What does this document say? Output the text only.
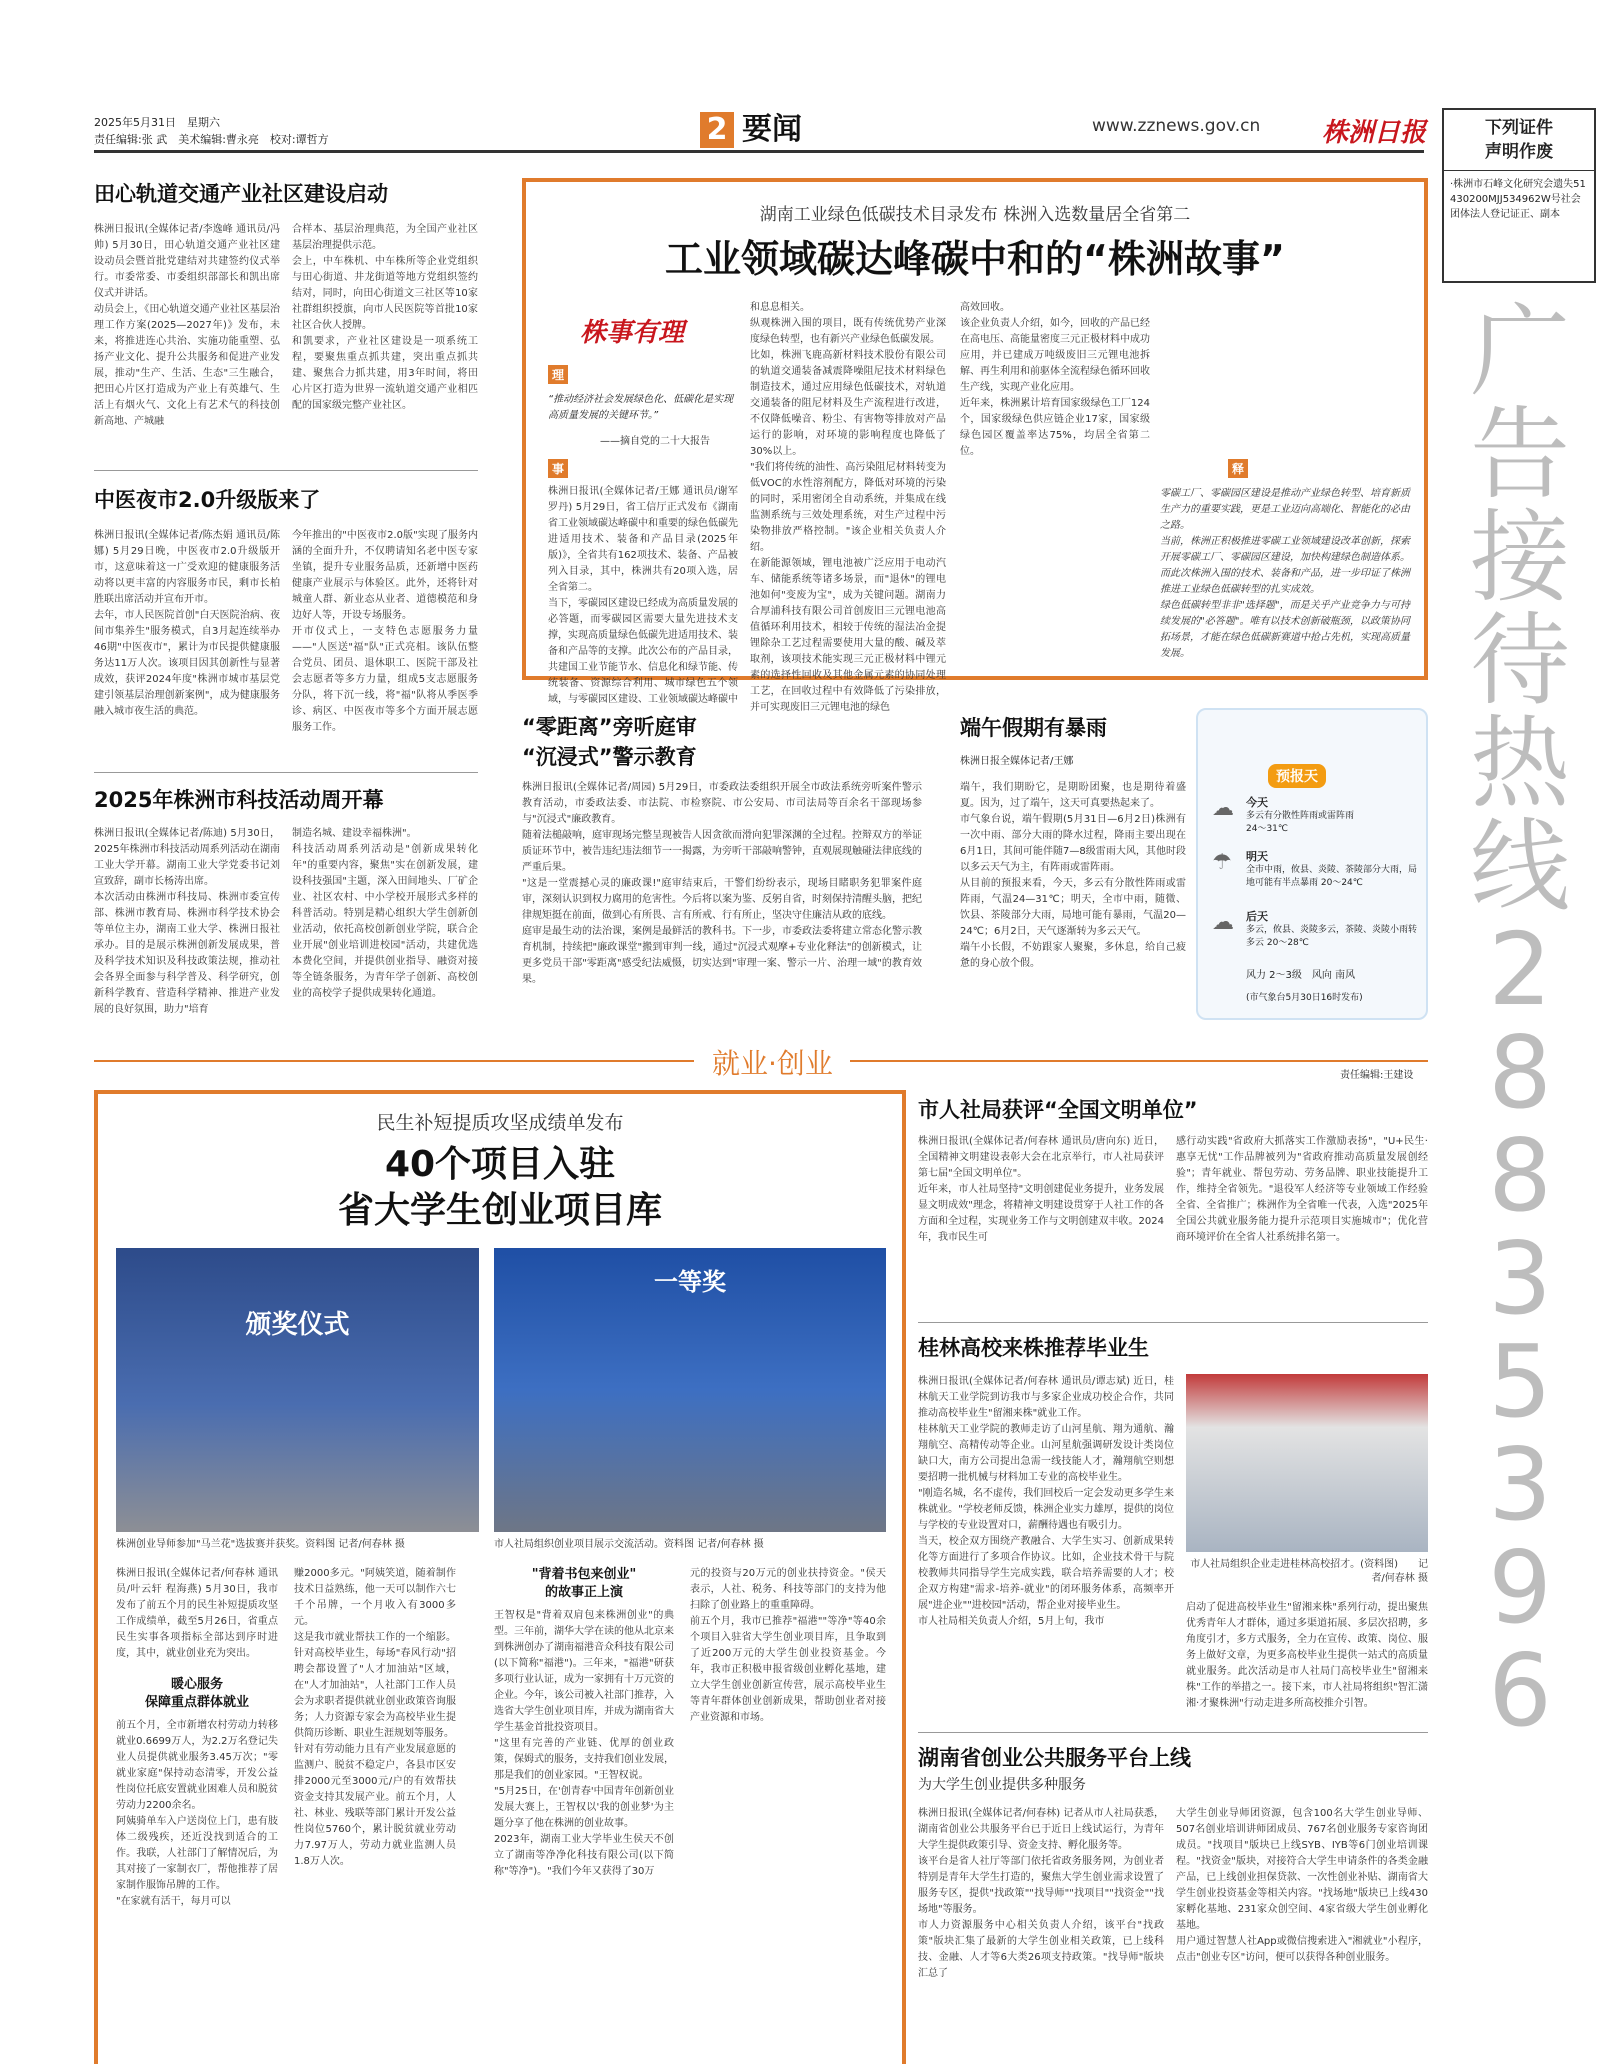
2025年5月31日　星期六
责任编辑:张 武　美术编辑:曹永亮　校对:谭哲方	2 要闻	www.zznews.gov.cn 株洲日报	下列证件
声明作废
·株洲市石峰文化研究会遗失51430200MJJ534962W号社会团体法人登记证正、副本
广告接待热线28835396
田心轨道交通产业社区建设启动
株洲日报讯(全媒体记者/李逸峰 通讯员/冯帅) 5月30日，田心轨道交通产业社区建设动员会暨首批党建结对共建签约仪式举行。市委常委、市委组织部部长和凯出席仪式并讲话。
动员会上，《田心轨道交通产业社区基层治理工作方案(2025—2027年)》发布，未来，将推进连心共治、实施功能重塑、弘扬产业文化、提升公共服务和促进产业发展，推动"生产、生活、生态"三生融合，把田心片区打造成为产业上有英雄气、生活上有烟火气、文化上有艺术气的科技创新高地、产城融
合样本、基层治理典范，为全国产业社区基层治理提供示范。
会上，中车株机、中车株所等企业党组织与田心街道、井龙街道等地方党组织签约结对，同时，向田心街道文三社区等10家社群组织授旗，向市人民医院等首批10家社区合伙人授牌。
和凯要求，产业社区建设是一项系统工程，要聚焦重点抓共建，突出重点抓共建、聚焦合力抓共建，用3年时间，将田心片区打造为世界一流轨道交通产业相匹配的国家级完整产业社区。
中医夜市2.0升级版来了
株洲日报讯(全媒体记者/陈杰娟 通讯员/陈娜) 5月29日晚，中医夜市2.0升级版开市，这意味着这一广受欢迎的健康服务活动将以更丰富的内容服务市民，剩市长柏胜联出席活动并宣布开市。
去年，市人民医院首创"白天医院治病、夜间市集养生"服务模式，自3月起连续举办46期"中医夜市"，累计为市民提供健康服务达11万人次。该项目因其创新性与显著成效，获评2024年度"株洲市城市基层党建引领基层治理创新案例"，成为健康服务融入城市夜生活的典范。
今年推出的"中医夜市2.0版"实现了服务内涵的全面升升，不仅聘请知名老中医专家坐镇，提升专业服务品质，还新增中医药健康产业展示与体验区。此外，还将针对城童人群、新业态从业者、道德模范和身边好人等，开设专场服务。
开市仪式上，一支特色志愿服务力量——"人医送"福"队"正式亮相。该队伍整合党员、团员、退休职工、医院干部及社会志愿者等多方力量，组成5支志愿服务分队，将下沉一线，将"福"队将从季医季诊、病区、中医夜市等多个方面开展志愿服务工作。
2025年株洲市科技活动周开幕
株洲日报讯(全媒体记者/陈迪) 5月30日，2025年株洲市科技活动周系列活动在湖南工业大学开幕。湖南工业大学党委书记刘宣致辞，副市长杨涛出席。
本次活动由株洲市科技局、株洲市委宣传部、株洲市教育局、株洲市科学技术协会等单位主办，湖南工业大学、株洲日报社承办。目的是展示株洲创新发展成果，普及科学技术知识及科技政策法规，推动社会各界全面参与科学普及、科学研究，创新科学教育、营造科学精神、推进产业发展的良好氛围，助力"培育
制造名城、建设幸福株洲"。
科技活动周系列活动是"创新成果转化年"的重要内容，聚焦"实在创新发展，建设科技强国"主题，深入田间地头、厂矿企业、社区农村、中小学校开展形式多样的科普活动。特别是精心组织大学生创新创业活动，依托高校创新创业学院，联合企业开展"创业培训进校园"活动，共建优选本费化空间，并提供创业指导、融资对接等全链条服务，为青年学子创新、高校创业的高校学子提供成果转化通道。
湖南工业绿色低碳技术目录发布 株洲入选数量居全省第二
工业领域碳达峰碳中和的“株洲故事”
株事有理
理
“推动经济社会发展绿色化、低碳化是实现高质量发展的关键环节。”
——摘自党的二十大报告
事
株洲日报讯(全媒体记者/王娜 通讯员/谢军罗丹) 5月29日，省工信厅正式发布《湖南省工业领域碳达峰碳中和重要的绿色低碳先进适用技术、装备和产品目录(2025年版)》，全省共有162项技术、装备、产品被列入目录，其中，株洲共有20项入选，居全省第二。
当下，零碳园区建设已经成为高质量发展的必答题，而零碳园区需要大量先进技术支撑，实现高质量绿色低碳先进适用技术、装备和产品等的支撑。此次公布的产品目录，共建国工业节能节水、信息化和绿节能、传统装备、资源综合利用、城市绿色五个领域，与零碳园区建设、工业领域碳达峰碳中
和息息相关。
纵观株洲入围的项目，既有传统优势产业深度绿色转型，也有新兴产业绿色低碳发展。
比如，株洲飞鹿高新材料技术股份有限公司的轨道交通装备减震降噪阻尼技术材料绿色制造技术，通过应用绿色低碳技术，对轨道交通装备的阻尼材料及生产流程进行改进，不仅降低噪音、粉尘、有害物等排放对产品运行的影响，对环境的影响程度也降低了30%以上。
"我们将传统的油性、高污染阻尼材料转变为低VOC的水性溶剂配方，降低对环境的污染的同时，采用密闭全自动系统，并集成在线监测系统与三效处理系统，对生产过程中污染物排放严格控制。"该企业相关负责人介绍。
在新能源领域，锂电池被广泛应用于电动汽车、储能系统等诸多场景，而"退休"的锂电池如何"变废为宝"，成为关键问题。湖南力合厚浦科技有限公司首创废旧三元锂电池高值循环利用技术，相较于传统的湿法冶金提锂除杂工艺过程需要使用大量的酸、碱及萃取剂，该项技术能实现三元正极材料中锂元素的选择性回收及其他金属元素的协同处理工艺，在回收过程中有效降低了污染排放，并可实现废旧三元锂电池的绿色
高效回收。
该企业负责人介绍，如今，回收的产品已经在高电压、高能量密度三元正极材料中成功应用，并已建成万吨级废旧三元锂电池拆解、再生利用和前驱体全流程绿色循环回收生产线，实现产业化应用。
近年来，株洲累计培育国家级绿色工厂124个，国家级绿色供应链企业17家，国家级绿色园区覆盖率达75%，均居全省第二位。
释
零碳工厂、零碳园区建设是推动产业绿色转型、培育新质生产力的重要实践，更是工业迈向高端化、智能化的必由之路。
当前，株洲正积极推进零碳工业领域建设改革创新，探索开展零碳工厂、零碳园区建设，加快构建绿色制造体系。而此次株洲入围的技术、装备和产品，进一步印证了株洲推进工业绿色低碳转型的扎实成效。
绿色低碳转型非非"选择题"，而是关乎产业竞争力与可持续发展的"必答题"。唯有以技术创新破瓶颈，以政策协同拓场景，才能在绿色低碳新赛道中抢占先机，实现高质量发展。
“零距离”旁听庭审
“沉浸式”警示教育
株洲日报讯(全媒体记者/周园) 5月29日，市委政法委组织开展全市政法系统旁听案件警示教育活动，市委政法委、市法院、市检察院、市公安局、市司法局等百余名干部现场参与"沉浸式"廉政教育。
随着法槌敲响，庭审现场完整呈现被告人因贪欲而滑向犯罪深渊的全过程。控辩双方的举证质证环节中，被告违纪违法细节一一揭露，为旁听干部敲响警钟，直观展现触碰法律底线的严重后果。
"这是一堂震撼心灵的廉政课!"庭审结束后，干警们纷纷表示，现场目睹职务犯罪案件庭审，深刻认识到权力腐用的危害性。今后将以案为鉴、反躬自省，时刻保持清醒头脑，把纪律规矩挺在前面，做到心有所畏、言有所戒、行有所止，坚决守住廉洁从政的底线。
庭审是最生动的法治课，案例是最鲜活的教科书。下一步，市委政法委将建立常态化警示教育机制，持续把"廉政课堂"搬到审判一线，通过"沉浸式观摩+专业化释法"的创新模式，让更多党员干部"零距离"感受纪法威慑，切实达到"审理一案、警示一片、治理一域"的教育效果。
端午假期有暴雨
株洲日报全媒体记者/王娜
端午，我们期盼它，是期盼团聚，也是期待着盛夏。因为，过了端午，这天可真要热起来了。
市气象台说，端午假期(5月31日—6月2日)株洲有一次中雨、部分大雨的降水过程，降雨主要出现在6月1日，其间可能伴随7—8级雷雨大风，其他时段以多云天气为主，有阵雨或雷阵雨。
从目前的预报来看，今天，多云有分散性阵雨或雷阵雨，气温24—31℃；明天，全市中雨，随微、饮县、茶陵部分大雨，局地可能有暴雨，气温20—24℃；6月2日，天气逐渐转为多云天气。
端午小长假，不妨跟家人聚聚，多休息，给自己疲惫的身心放个假。
预报天
☁ 今天
多云有分散性阵雨或雷阵雨
24～31℃
☂ 明天
全市中雨，攸县、炎陵、茶陵部分大雨，局地可能有半点暴雨 20～24℃
☁ 后天
多云，攸县、炎陵多云，茶陵、炎陵小雨转多云 20～28℃
风力 2～3级　风向 南风
(市气象台5月30日16时发布)
就业·创业	责任编辑:王建设
民生补短提质攻坚成绩单发布
40个项目入驻
省大学生创业项目库
颁奖仪式
株洲创业导师参加"马兰花"选拔赛并获奖。资料图 记者/何春林 摄
一等奖
市人社局组织创业项目展示交流活动。资料图 记者/何春林 摄
株洲日报讯(全媒体记者/何春林 通讯员/叶云轩 程海燕) 5月30日，我市发布了前五个月的民生补短提质攻坚工作成绩单，截至5月26日，省重点民生实事各项指标全部达到序时进度，其中，就业创业充为突出。
暖心服务
保障重点群体就业
前五个月，全市新增农村劳动力转移就业0.6699万人，为2.2万名登记失业人员提供就业服务3.45万次；"零就业家庭"保持动态清零，开发公益性岗位托底安置就业困难人员和脱贫劳动力2200余名。
阿姨骑单车入户送岗位上门，患有肢体二级残疾，还近没找到适合的工作。我联，人社部门了解情况后，为其对接了一家制衣厂，帮他推荐了居家制作服饰吊牌的工作。
"在家就有活干，每月可以
赚2000多元。"阿姨笑道，随着制作技术日益熟练，他一天可以制作六七千个吊牌，一个月收入有3000多元。
这是我市就业帮扶工作的一个缩影。针对高校毕业生，每场"春风行动"招聘会都设置了"人才加油站"区域，在"人才加油站"，人社部门工作人员会为求职者提供就业创业政策咨询服务；人力资源专家会为高校毕业生提供简历诊断、职业生涯规划等服务。
针对有劳动能力且有产业发展意愿的监测户、脱贫不稳定户，各县市区安排2000元至3000元/户的有效帮扶资金支持其发展产业。前五个月，人社、林业、残联等部门累计开发公益性岗位5760个，累计脱贫就业劳动力7.97万人，劳动力就业监测人员1.8万人次。
"背着书包来创业"
的故事正上演
王智权是"背着双肩包来株洲创业"的典型。三年前，湖华大学在读的他从北京来到株洲创办了湖南福港音众科技有限公司(以下简称"福港")。三年来，"福港"研获多项行业认证，成为一家拥有十万元资的企业。今年，该公司被入社部门推荐，入选省大学生创业项目库，并成为湖南省大学生基金首批投资项目。
"这里有完善的产业链、优厚的创业政策，保姆式的服务，支持我们创业发展，那是我们的创业家园。"王智权说。
"5月25日，在'创青春'中国青年创新创业发展大赛上，王智权以'我的创业梦'为主题分享了他在株洲的创业故事。
2023年，湖南工业大学毕业生侯天不创立了湖南等净净化科技有限公司(以下简称"等净")。"我们今年又获得了30万
元的投资与20万元的创业扶持资金。"侯天表示，人社、税务、科技等部门的支持为他扫除了创业路上的重重障碍。
前五个月，我市已推荐"福港""等净"等40余个项目入驻省大学生创业项目库，且争取到了近200万元的大学生创业投资基金。今年，我市正积极申报省级创业孵化基地，建立大学生创业创新宣传营，展示高校毕业生等青年群体创业创新成果，帮助创业者对接产业资源和市场。
市人社局获评“全国文明单位”
株洲日报讯(全媒体记者/何春林 通讯员/唐向东) 近日，全国精神文明建设表彰大会在北京举行，市人社局获评第七届"全国文明单位"。
近年来，市人社局坚持"文明创建促业务提升，业务发展显文明成效"理念，将精神文明建设贯穿于人社工作的各方面和全过程，实现业务工作与文明创建双丰收。2024年，我市民生可
感行动实践"省政府大抓落实工作激励表扬"，"U+民生·惠享无忧"工作品牌被列为"省政府推动高质量发展创经验"；青年就业、帮包劳动、劳务品牌、职业技能提升工作，维持全省领先。"退役军人经济等专业领域工作经验全省、全省推广；株洲作为全省唯一代表，入选"2025年全国公共就业服务能力提升示范项目实施城市"；优化营商环境评价在全省人社系统排名第一。
桂林高校来株推荐毕业生
株洲日报讯(全媒体记者/何春林 通讯员/谭志斌) 近日，桂林航天工业学院到访我市与多家企业成功校企合作，共同推动高校毕业生"留湘来株"就业工作。
桂林航天工业学院的教师走访了山河星航、翔为通航、瀚翔航空、高精传动等企业。山河星航强调研发设计类岗位缺口大，南方公司提出急需一线技能人才，瀚翔航空则想要招聘一批机械与材料加工专业的高校毕业生。
"刚造名城，名不虚传，我们回校后一定会发动更多学生来株就业。"学校老师反馈，株洲企业实力雄厚，提供的岗位与学校的专业设置对口，薪酬待遇也有吸引力。
当天，校企双方围绕产教融合、大学生实习、创新成果转化等方面进行了多项合作协议。比如，企业技术骨干与院校教师共同指导学生完成实践，联合培养需要的人才；校企双方构建"需求-培养-就业"的闭环服务体系，高频率开展"进企业""进校园"活动，帮企业对接毕业生。
市人社局相关负责人介绍，5月上旬，我市
市人社局组织企业走进桂林高校招才。(资料图)　　记者/何春林 摄
启动了促进高校毕业生"留湘来株"系列行动，提出聚焦优秀青年人才群体，通过多渠道拓展、多层次招聘，多角度引才，多方式服务，全力在宣传、政策、岗位、服务上做好文章，为更多高校毕业生提供一站式的高质量就业服务。此次活动是市人社局门高校毕业生"留湘来株"工作的举措之一。接下来，市人社局将组织"智汇潇湘·才聚株洲"行动走进多所高校推介引智。
湖南省创业公共服务平台上线
为大学生创业提供多种服务
株洲日报讯(全媒体记者/何春林) 记者从市人社局获悉，湖南省创业公共服务平台已于近日上线试运行，为青年大学生提供政策引导、资金支持、孵化服务等。
该平台是省人社厅等部门依托省政务服务网，为创业者特别是青年大学生打造的，聚焦大学生创业需求设置了服务专区，提供"找政策""找导师""找项目""找资金""找场地"等服务。
市人力资源服务中心相关负责人介绍，该平台"找政策"版块汇集了最新的大学生创业相关政策，已上线科技、金融、人才等6大类26项支持政策。"找导师"版块汇总了
大学生创业导师团资源，包含100名大学生创业导师、507名创业培训讲师团成员、767名创业服务专家咨询团成员。"找项目"版块已上线SYB、IYB等6门创业培训课程。"找资金"版块，对接符合大学生申请条件的各类金融产品，已上线创业担保贷款、一次性创业补贴、湖南省大学生创业投资基金等相关内容。"找场地"版块已上线430家孵化基地、231家众创空间、4家省级大学生创业孵化基地。
用户通过智慧人社App或微信搜索进入"湘就业"小程序，点击"创业专区"访问，便可以获得各种创业服务。
